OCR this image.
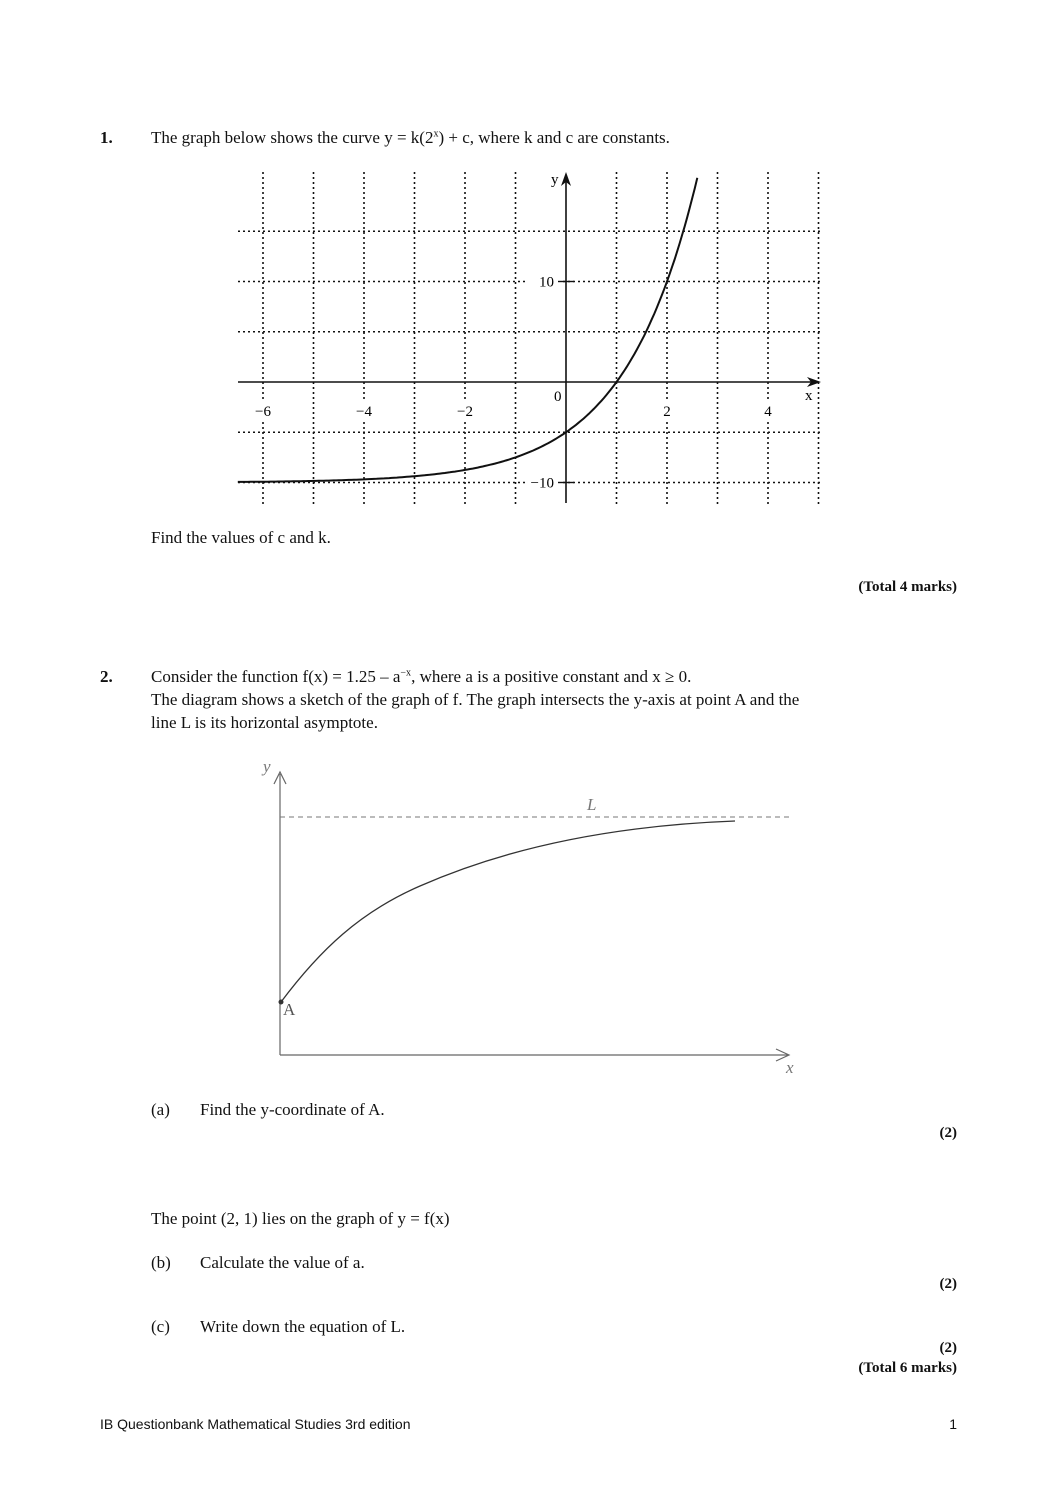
1. The graph below shows the curve $y = k(2^x) + c$, where k and c are constants.
x
y
0
−6	−4	−2	2	4
10
−10
Find the values of c and k.
(Total 4 marks)
2. Consider the function $f(x) = 1.25 - a^{-x}$, where a is a positive constant and x ≥ 0.
The diagram shows a sketch of the graph of f. The graph intersects the y-axis at point A and the
line L is its horizontal asymptote.
y
x
L
A
(a) Find the y-coordinate of A.
(2)
The point (2, 1) lies on the graph of y = f(x)
(b) Calculate the value of a.
(2)
(c) Write down the equation of L.
(2)
(Total 6 marks)
IB Questionbank Mathematical Studies 3rd edition	1
